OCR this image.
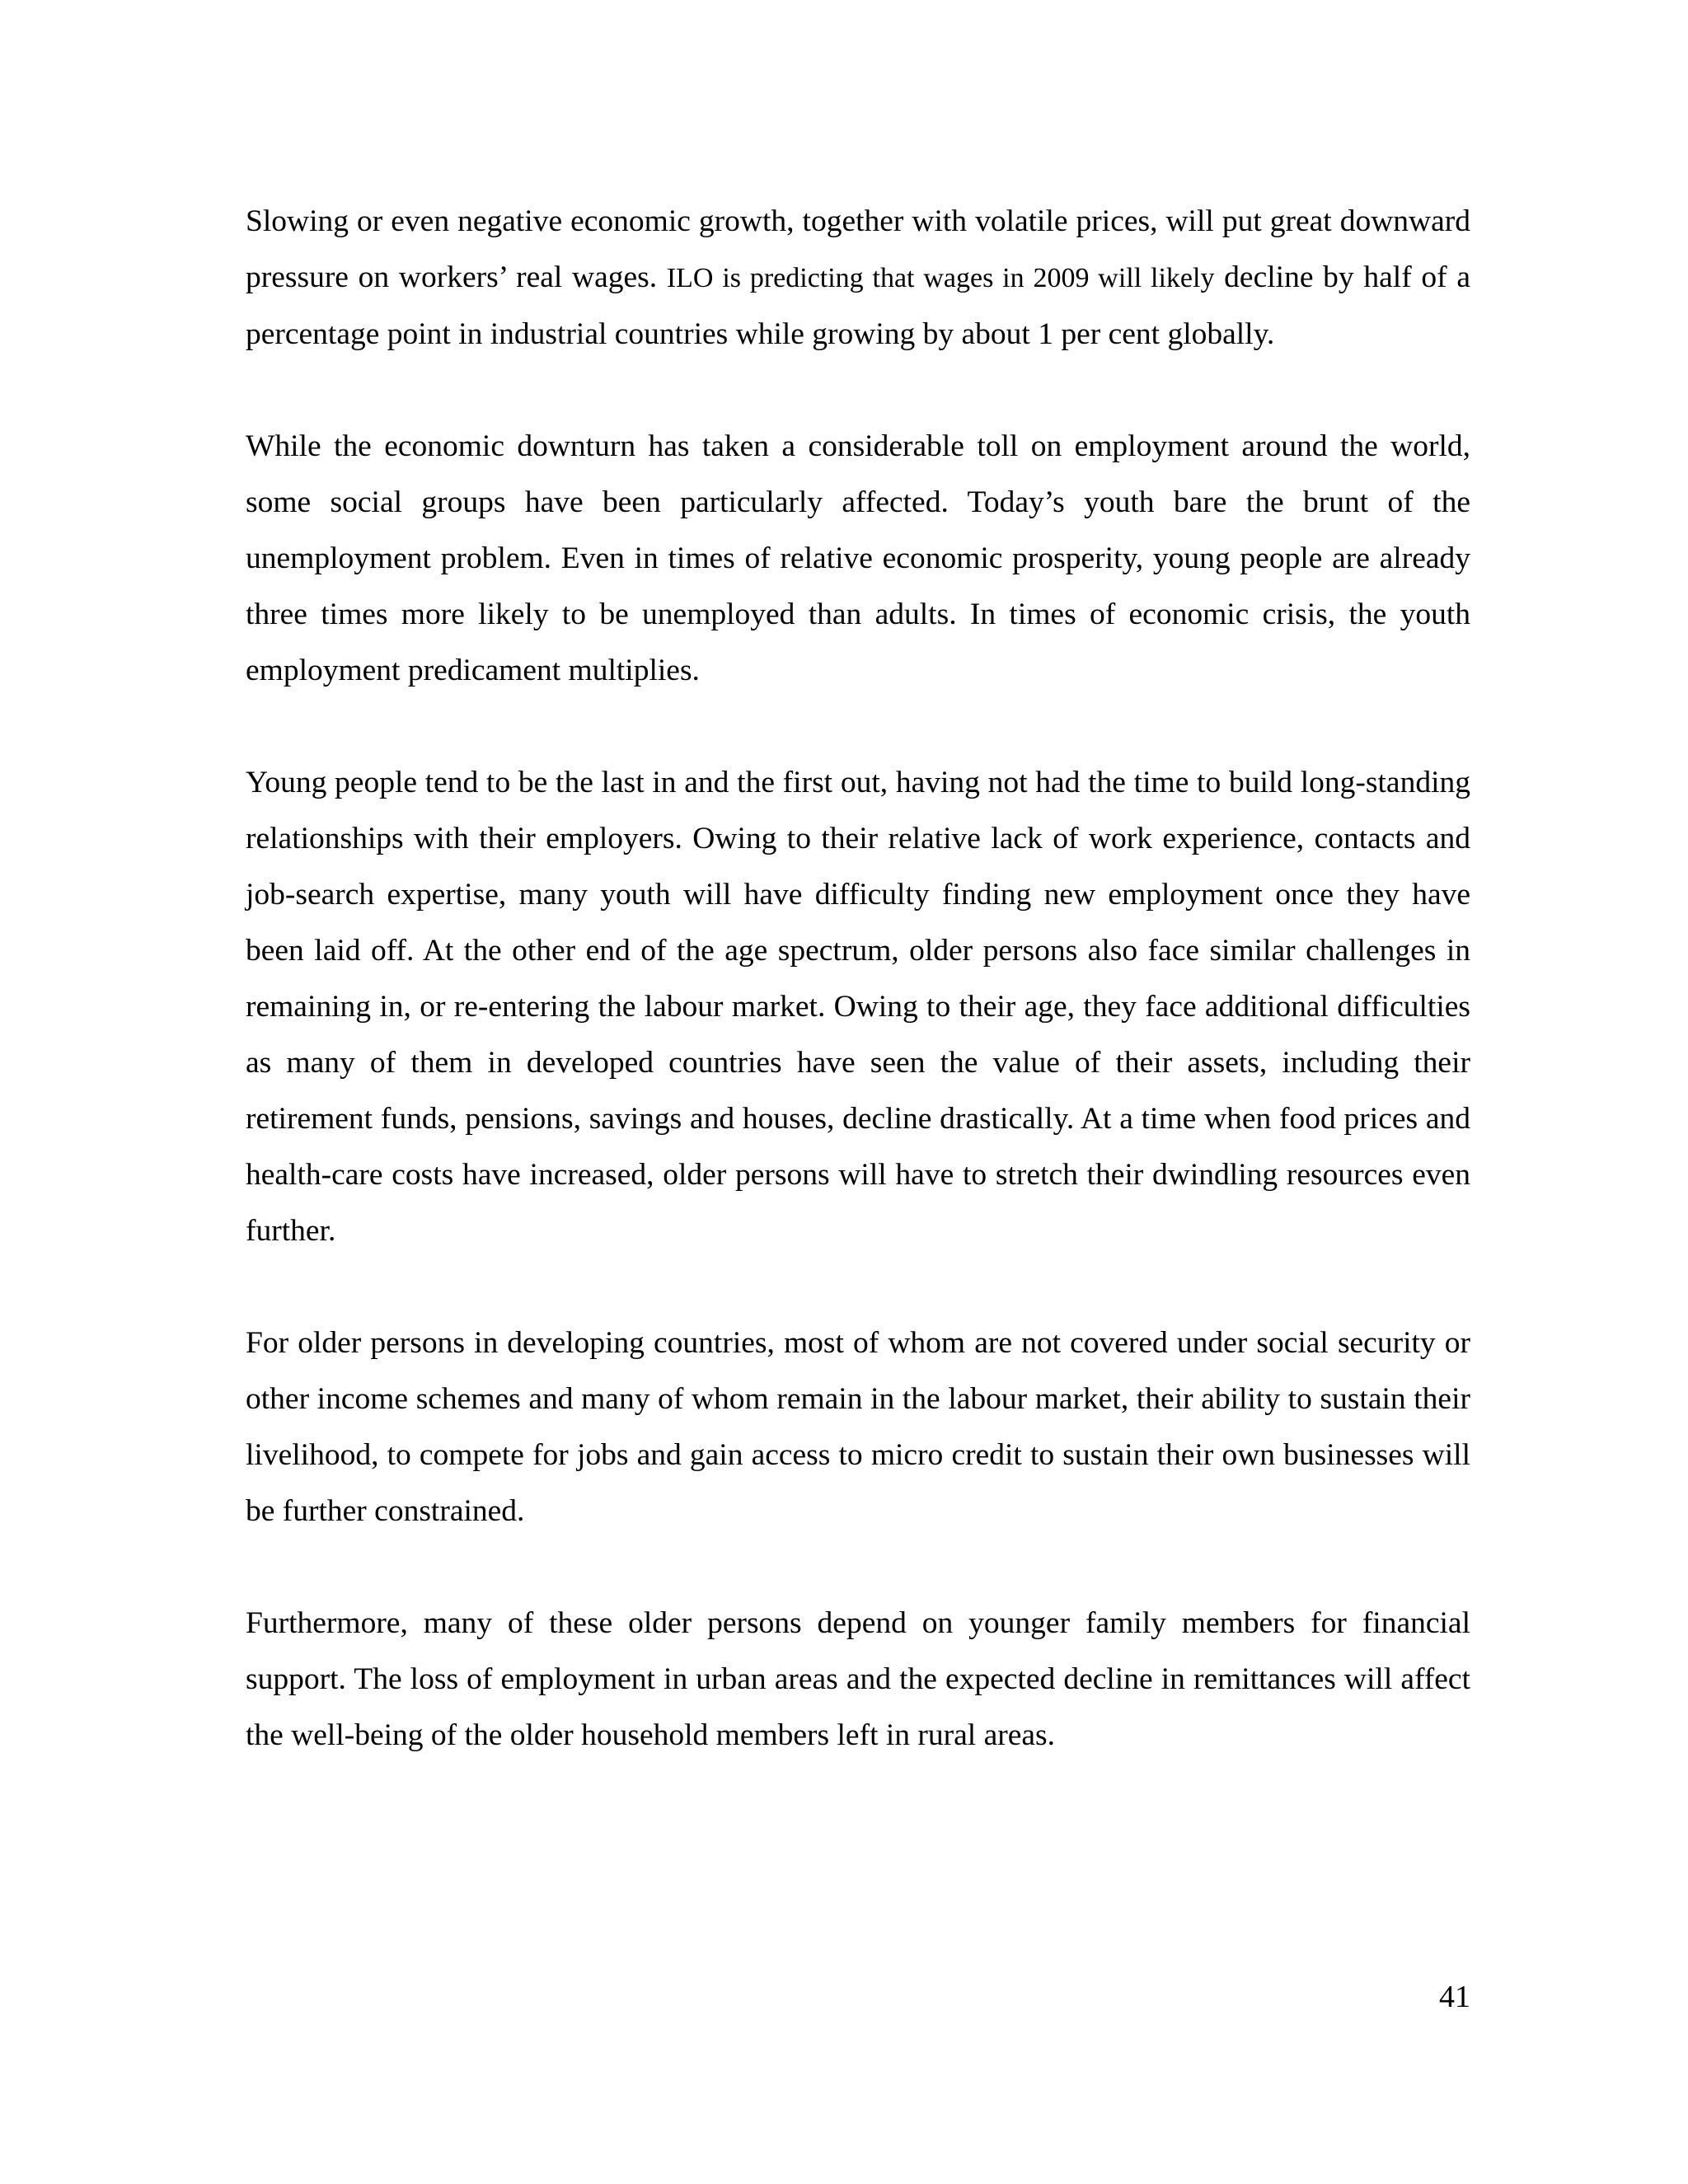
Slowing or even negative economic growth, together with volatile prices, will put great downward pressure on workers’ real wages. ILO is predicting that wages in 2009 will likely decline by half of a percentage point in industrial countries while growing by about 1 per cent globally.

While the economic downturn has taken a considerable toll on employment around the world, some social groups have been particularly affected. Today’s youth bare the brunt of the unemployment problem. Even in times of relative economic prosperity, young people are already three times more likely to be unemployed than adults. In times of economic crisis, the youth employment predicament multiplies.

Young people tend to be the last in and the first out, having not had the time to build long-standing relationships with their employers. Owing to their relative lack of work experience, contacts and job-search expertise, many youth will have difficulty finding new employment once they have been laid off. At the other end of the age spectrum, older persons also face similar challenges in remaining in, or re-entering the labour market. Owing to their age, they face additional difficulties as many of them in developed countries have seen the value of their assets, including their retirement funds, pensions, savings and houses, decline drastically. At a time when food prices and health-care costs have increased, older persons will have to stretch their dwindling resources even further.

For older persons in developing countries, most of whom are not covered under social security or other income schemes and many of whom remain in the labour market, their ability to sustain their livelihood, to compete for jobs and gain access to micro credit to sustain their own businesses will be further constrained.

Furthermore, many of these older persons depend on younger family members for financial support. The loss of employment in urban areas and the expected decline in remittances will affect the well-being of the older household members left in rural areas.

41
